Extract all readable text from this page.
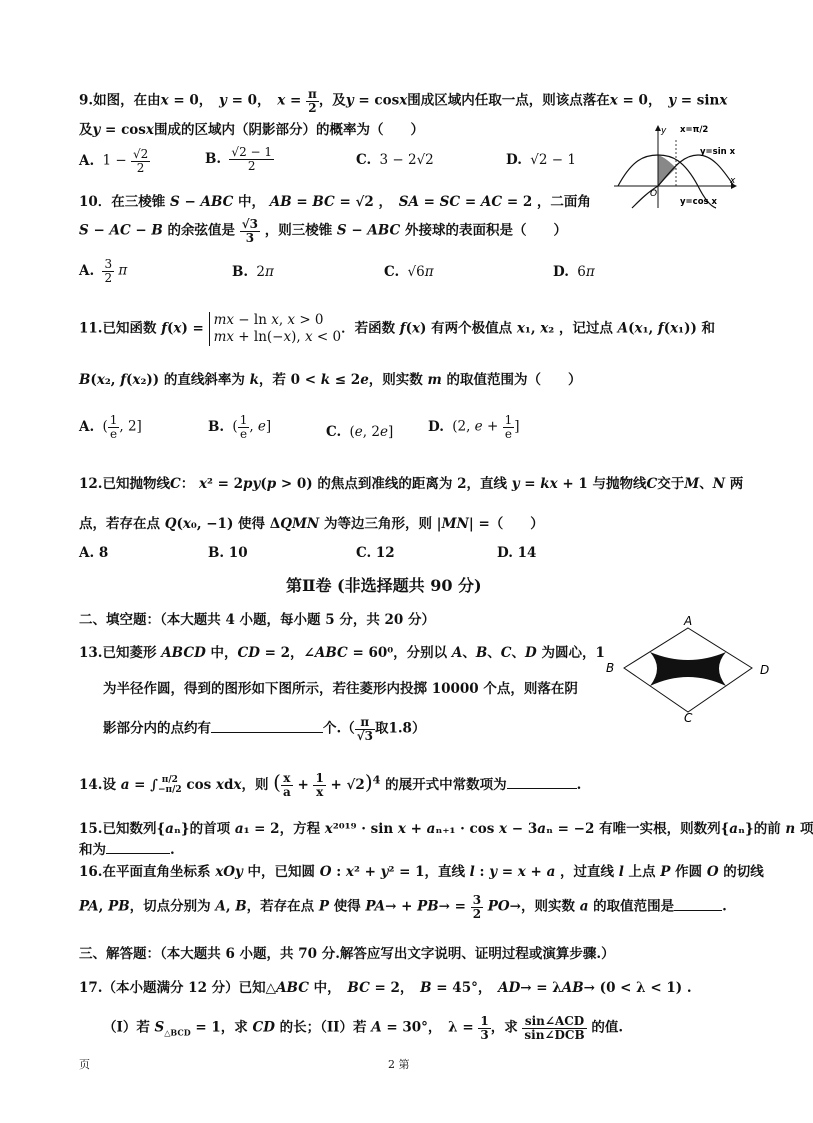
9.如图，在由x = 0，　y = 0，　$x = \frac{\pi}{2}$ ，及y = cosx围成区域内任取一点，则该点落在x = 0，　y = sinx
及y = cosx围成的区域内（阴影部分）的概率为（　　）
A. $1 - \frac{√2}{2}$	B. $\frac{√2 - 1}{2}$	C. 3 − 2√2	D. √2 − 1
y
x
O
x=π/2
y=sin x
y=cos x
10．在三棱锥 S − ABC 中， AB = BC = √2 ，　SA = SC = AC = 2 ，二面角
S − AC − B 的余弦值是 $\frac{√3}{3}$ ，则三棱锥 S − ABC 外接球的表面积是（　　）
A. $\frac{3}{2}$ π	B. 2π	C. √6π	D. 6π
11.已知函数 f(x) = mx − ln x, x > 0
mx + ln(−x), x < 0．若函数 f(x) 有两个极值点 x₁, x₂ ，记过点 A(x₁, f(x₁)) 和
B(x₂, f(x₂)) 的直线斜率为 k，若 0 < k ≤ 2e，则实数 m 的取值范围为（　　）
A. ( $\frac{1}{e}$ , 2]	B. ( $\frac{1}{e}$ , e]	C. (e, 2e]	D. (2, $e + \frac{1}{e}$ ]
12.已知抛物线C： x² = 2py(p > 0) 的焦点到准线的距离为 2，直线 y = kx + 1 与抛物线C交于M、N 两
点，若存在点 Q(x₀, −1) 使得 ΔQMN 为等边三角形，则 |MN| =（　　）
A. 8	B. 10	C. 12	D. 14
第Ⅱ卷 (非选择题共 90 分)
二、填空题：（本大题共 4 小题，每小题 5 分，共 20 分）
13.已知菱形 ABCD 中，CD = 2，∠ABC = 60⁰，分别以 A、B、C、D 为圆心，1
为半径作圆，得到的图形如下图所示，若往菱形内投掷 10000 个点，则落在阴
影部分内的点约有	个.（ $\frac{\pi}{√3}$ 取1.8）
A
B
C
D
14.设 a = ∫ π/2
−π/2 cos xdx，则 ( $\frac{x}{a} + \frac{1}{x} + √2)^4$ 的展开式中常数项为	.
15.已知数列{aₙ}的首项 a₁ = 2，方程 x²⁰¹⁹ · sin x + aₙ₊₁ · cos x − 3aₙ = −2 有唯一实根，则数列{aₙ}的前 n 项
和为	.
16.在平面直角坐标系 xOy 中，已知圆 O : x² + y² = 1，直线 l : y = x + a ，过直线 l 上点 P 作圆 O 的切线
PA, PB，切点分别为 A, B，若存在点 P 使得 $PA\to + PB\to = \frac{3}{2} PO\to$，则实数 a 的取值范围是	.
三、解答题：（本大题共 6 小题，共 70 分.解答应写出文字说明、证明过程或演算步骤.）
17.（本小题满分 12 分）已知△ABC 中，　BC = 2，　B = 45°，　AD→ = λAB→ (0 < λ < 1) .
（I）若 $S_{\triangle BCD} = 1$，求 CD 的长；（II）若 A = 30°，　$\lambda = \frac{1}{3}$ ，求 $\frac{\text{sin∠ACD}}{\text{sin∠DCB}}$ 的值.
页	2 第
